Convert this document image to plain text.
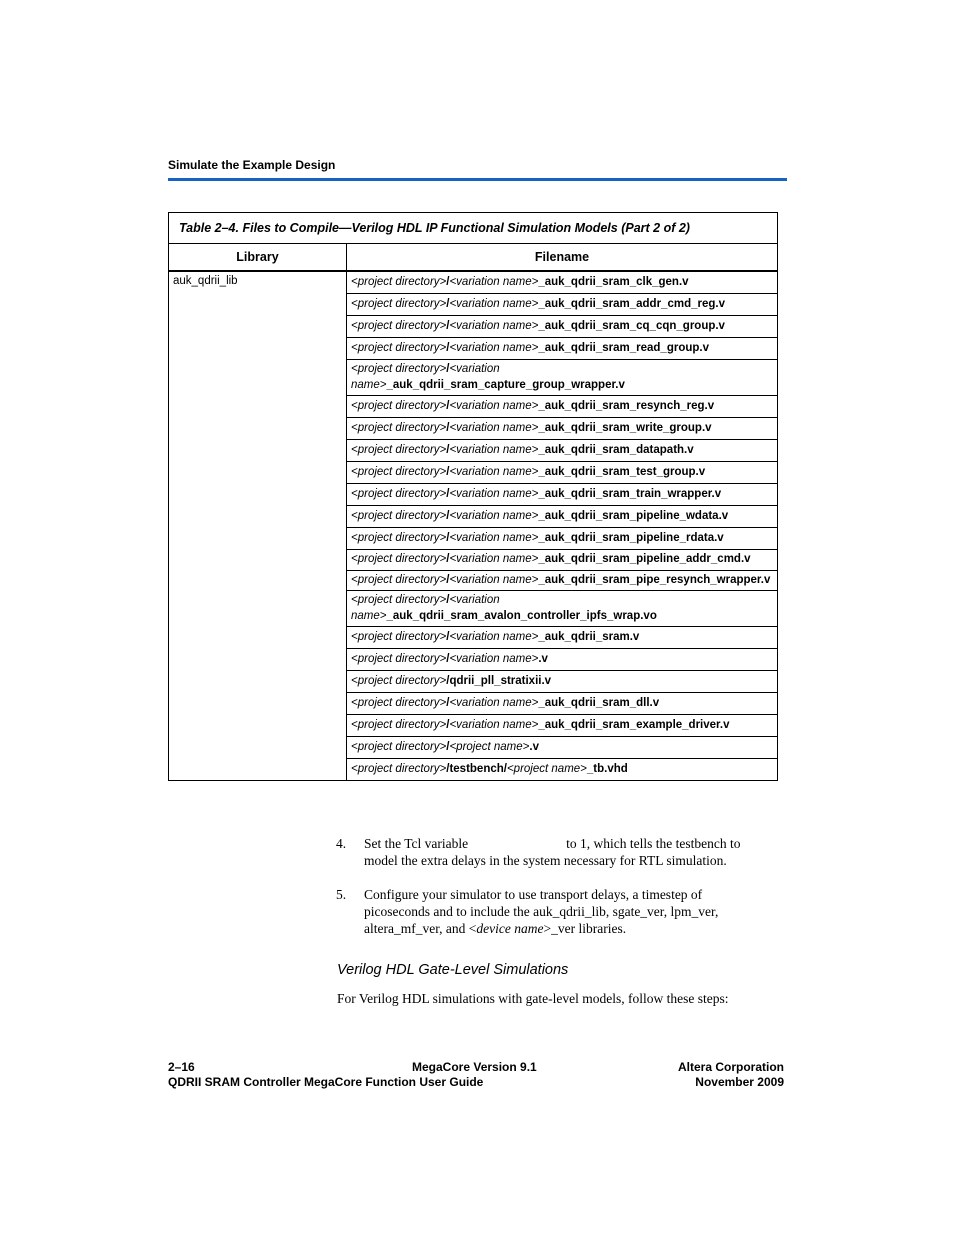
Simulate the Example Design
Table 2–4. Files to Compile—Verilog HDL IP Functional Simulation Models (Part 2 of 2)	
Library	Filename
auk_qdrii_lib	<project directory>/<variation name>_auk_qdrii_sram_clk_gen.v
	<project directory>/<variation name>_auk_qdrii_sram_addr_cmd_reg.v
	<project directory>/<variation name>_auk_qdrii_sram_cq_cqn_group.v
	<project directory>/<variation name>_auk_qdrii_sram_read_group.v
	<project directory>/<variation name>_auk_qdrii_sram_capture_group_wrapper.v
	<project directory>/<variation name>_auk_qdrii_sram_resynch_reg.v
	<project directory>/<variation name>_auk_qdrii_sram_write_group.v
	<project directory>/<variation name>_auk_qdrii_sram_datapath.v
	<project directory>/<variation name>_auk_qdrii_sram_test_group.v
	<project directory>/<variation name>_auk_qdrii_sram_train_wrapper.v
	<project directory>/<variation name>_auk_qdrii_sram_pipeline_wdata.v
	<project directory>/<variation name>_auk_qdrii_sram_pipeline_rdata.v
	<project directory>/<variation name>_auk_qdrii_sram_pipeline_addr_cmd.v
	<project directory>/<variation name>_auk_qdrii_sram_pipe_resynch_wrapper.v
	<project directory>/<variation name>_auk_qdrii_sram_avalon_controller_ipfs_wrap.vo
	<project directory>/<variation name>_auk_qdrii_sram.v
	<project directory>/<variation name>.v
	<project directory>/qdrii_pll_stratixii.v
	<project directory>/<variation name>_auk_qdrii_sram_dll.v
	<project directory>/<variation name>_auk_qdrii_sram_example_driver.v
	<project directory>/<project name>.v
	<project directory>/testbench/<project name>_tb.vhd
4. Set the Tcl variable	to 1, which tells the testbench to
model the extra delays in the system necessary for RTL simulation.
5. Configure your simulator to use transport delays, a timestep of
picoseconds and to include the auk_qdrii_lib, sgate_ver, lpm_ver,
altera_mf_ver, and <device name>_ver libraries.
Verilog HDL Gate-Level Simulations
For Verilog HDL simulations with gate-level models, follow these steps:
2–16	MegaCore Version 9.1	Altera Corporation
QDRII SRAM Controller MegaCore Function User Guide	November 2009
